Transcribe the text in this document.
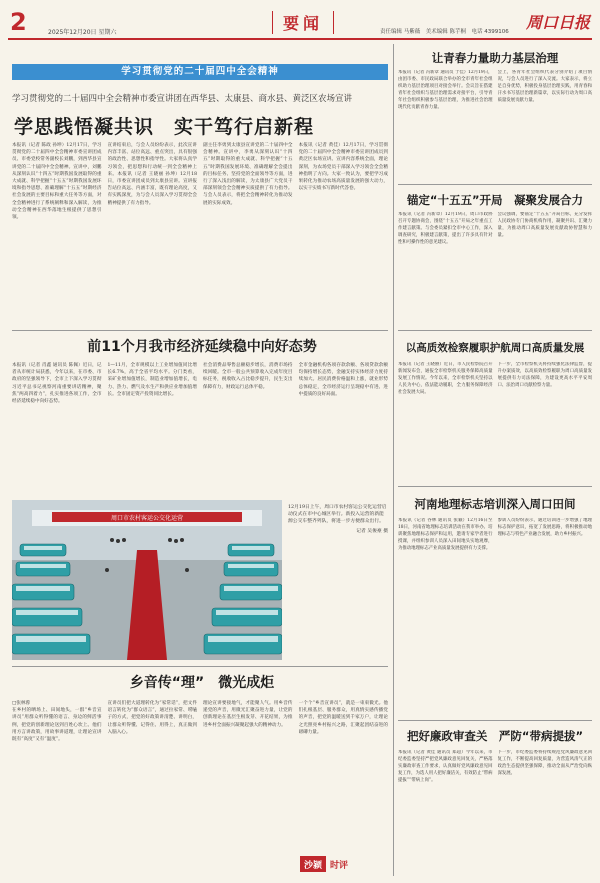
2	2025年12月20日 星期六	要闻	责任编辑 马紫薇　美术编辑 陈芋桐　电话 4399106 周口日报
学习贯彻党的二十届四中全会精神
学习贯彻党的二十届四中全会精神市委宣讲团在西华县、太康县、商水县、黄泛区农场宣讲
学思践悟凝共识　实干笃行启新程
本报讯（记者 陈政 孙坤）12月17日，学习贯彻党的二十届四中全会精神市委宣讲团成员、市委党校常务副校长刘鹏，到西华县宣讲党的二十届四中全会精神。宣讲中，刘鹏从深刻认识“十四五”时期我国发展取得的重大成就、科学把握“十五五”时期我国发展环境和指导思想、准确理解“十五五”时期经济社会发展的主要目标和重大任务等方面，对全会精神进行了系统阐释和深入解读，为推动全会精神在西华落地生根提供了思想引领。
宣讲结束后，与会人员纷纷表示，此次宣讲内容丰富、站位高远、重点突出，具有很强的政治性、思想性和指导性。大家将认真学习领会，把思想和行动统一到全会精神上来。本报讯（记者 王晓丽 孙坤）12月18日，市委宣讲团成员到太康县宣讲。宣讲报告站位高远、内涵丰富，既有理论高度，又有实践深度，为与会人员深入学习贯彻全会精神提供了有力指导。
副主任李勇到太康县宣讲党的二十届四中全会精神。宣讲中，李勇从深刻认识“十四五”时期取得的重大成就、科学把握“十五五”时期我国发展环境、准确理解全会提出的目标任务、坚持党的全面领导等方面，进行了深入浅出的解读，为太康县广大党员干部深刻领会全会精神实质提供了有力指导。与会人员表示，将把全会精神转化为推动发展的实际成效。
本报讯（记者 黄佳）12月17日，学习贯彻党的二十届四中全会精神市委宣讲团成员到黄泛区农场宣讲。宣讲内容系统全面，理论深刻，为农场党员干部深入学习领会全会精神指明了方向。大家一致认为，要把学习成果转化为推动农场高质量发展的强大动力，以实干实绩书写新时代答卷。
前11个月我市经济延续稳中向好态势
本报讯（记者 肖鑫 通讯员 陈佩）近日，记者从市统计局获悉，今年以来，在市委、市政府的坚强领导下，全市上下深入学习贯彻习近平总书记视察河南重要讲话精神，聚焦“两高四着力”，扎实推进各项工作，全市经济延续稳中向好态势。
1—11月，全市规模以上工业增加值同比增长6.7%，高于全省平均水平。分门类看，采矿业增加值增长，制造业增加值增长，电力、热力、燃气及水生产和供应业增加值增长。全市固定资产投资同比增长。
社会消费品零售总额稳步增长，消费市场持续回暖。全市一般公共预算收入完成年度目标任务，税收收入占比稳步提升，民生支出保障有力，财政运行总体平稳。
全市金融机构各项存款余额、各项贷款余额均保持增长态势，金融支持实体经济力度持续加大。居民消费价格温和上涨，就业形势总体稳定，全市经济运行呈现稳中有进、进中提质的良好局面。
周口市农村客运公交化运营
12月19日上午，周口市农村客运公交化运营启动仪式在市中心城区举行。新投入运营的新能源公交车整齐列队，将进一步方便群众出行。
记者 吴俊豪 摄
乡音传“理”　微光成炬
□张林蓉
在乡村的晒场上、田间地头，一群“乡音宣讲员”用群众听得懂的语言、身边的鲜活事例，把党的创新理论送到百姓心坎上。他们用方言讲政策，用故事讲道理，让理论宣讲既有“高度”又有“温度”。
宣讲员们把大道理转化为“家常话”，把文件语言转化为“群众语言”，通过拉家常、唠嗑子的方式，把党的好政策讲清楚、讲明白，让群众听得懂、记得住、用得上，真正做到入脑入心。
理论宣讲要接地气，才能聚人气。用乡音传递党的声音，用微光汇聚奋进力量，让党的创新理论在基层生根发芽、开花结果，为推进乡村全面振兴凝聚起强大的精神动力。
一个个“乡音宣讲员”，就是一束束微光。他们扎根基层、服务群众，用真情实感传播党的声音，把党的温暖送到千家万户，让理论之光照亮乡村振兴之路，汇聚起团结奋进的磅礴力量。
沙颍 时评
让青春力量助力基层治理
本报讯（记者 冯新章 通讯员 于佳）12月19日，由团市委、市民政局联合举办的全市青年社会组织助力基层治理项目对接会举行。会议旨在搭建青年社会组织与基层治理需求对接平台，引导青年社会组织积极参与基层治理，为推进社会治理现代化贡献青春力量。
会上，各青年社会组织代表分别介绍了项目情况，与会人员进行了深入交流。大家表示，将立足自身优势，积极投身基层治理实践，用青春和汗水书写基层治理新篇章，以实际行动为周口高质量发展贡献力量。
锚定“十五五”开局　凝聚发展合力
本报讯（记者 冯新章）12月19日，周口市政协召开专题协商会，围绕“十五五”开局之年重点工作建言献策。与会委员紧扣全市中心工作，深入调查研究，积极建言献策，提出了许多具有针对性和可操作性的意见建议。
会议强调，要锚定“十五五”开局目标，充分发挥人民政协专门协商机构作用，凝聚共识、汇聚力量，为推动周口高质量发展贡献政协智慧和力量。
以高质效检察履职护航周口高质量发展
本报讯（记者 王晓丽）近日，市人民检察院召开新闻发布会，通报全市检察机关服务保障高质量发展工作情况。今年以来，全市检察机关坚持以人民为中心，依法能动履职，全力服务保障经济社会发展大局。
下一步，全市检察机关将持续强化法律监督，提升办案质效，以高质效检察履职为周口高质量发展提供有力司法保障，为建设更高水平平安周口、法治周口贡献检察力量。
河南地理标志培训深入周口田间
本报讯（记者 谷林 通讯员 张颖）12月16日至18日，河南省地理标志培训活动在我市举办。培训聚焦地理标志保护和运用，邀请专家学者进行授课，并组织参训人员深入田间地头实地观摩，为推动地理标志产业高质量发展提供有力支撑。
参训人员纷纷表示，通过培训进一步增强了地理标志保护意识，拓宽了发展思路，将积极推动地理标志与特色产业融合发展，助力乡村振兴。
把好廉政审查关　严防“带病提拔”
本报讯（记者 黄佳 通讯员 郑超）今年以来，市纪委监委坚持严把党风廉政意见回复关，严格落实廉政审查工作要求，认真做好党风廉政意见回复工作，为选人用人把好廉洁关，有效防止“带病提拔”“带病上岗”。
下一步，市纪委监委将持续规范党风廉政意见回复工作，不断提高回复质量，为营造风清气正的政治生态提供坚强保障，推动全面从严治党向纵深发展。
